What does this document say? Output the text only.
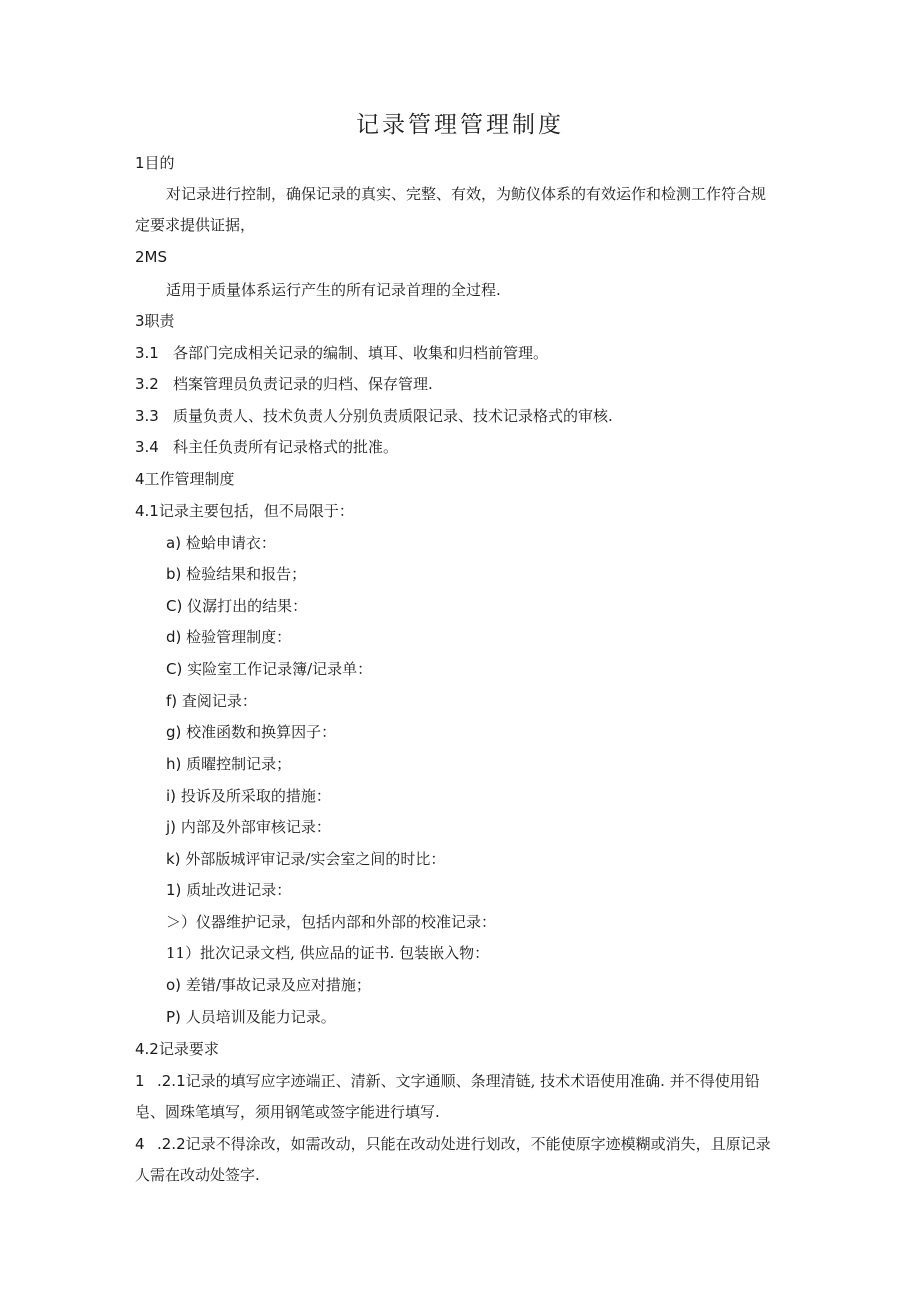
记录管理管理制度
1目的
对记录进行控制，确保记录的真实、完整、有效，为鲂仪体系的有效运作和检测工作符合规
定要求提供证据，
2MS
适用于质量体系运行产生的所有记录首理的全过程.
3职责
3.1 各部门完成相关记录的编制、填耳、收集和归档前管理。
3.2 档案管理员负责记录的归档、保存管理.
3.3 质量负责人、技术负责人分别负责质限记录、技术记录格式的审核.
3.4 科主任负责所有记录格式的批准。
4工作管理制度
4.1记录主要包括，但不局限于：
a) 检蛤申请衣：
b) 检验结果和报告；
C) 仪潺打出的结果：
d) 检验管理制度：
C) 实险室工作记录簿/记录单：
f) 査阅记录：
g) 校准函数和换算因子：
h) 质曜控制记录；
i) 投诉及所采取的措施：
j) 内部及外部审核记录：
k) 外部版城评审记录/实会室之间的时比：
1) 质址改进记录：
＞）仪器维护记录，包括内部和外部的校准记录：
11）批次记录文档, 供应品的证书. 包装嵌入物：
o) 差错/事故记录及应对措施；
P) 人员培训及能力记录。
4.2记录要求
1 .2.1记录的填写应字迹端正、清新、文字通顺、条理清链, 技术术语使用准确. 并不得使用铅
皂、圆珠笔填写，须用钢笔或签字能进行填写.
4 .2.2记录不得涂改，如需改动，只能在改动处进行划改，不能使原字迹模糊或消失，且原记录
人需在改动处签字.
